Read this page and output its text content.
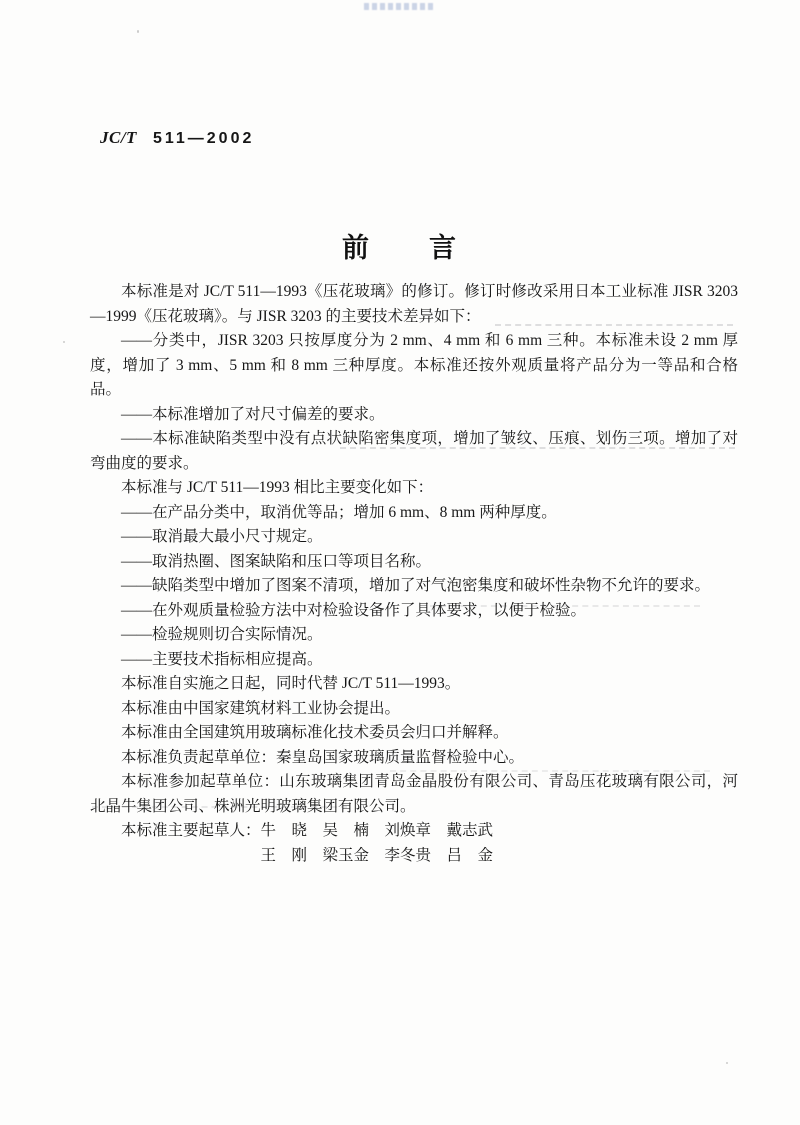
JC/T 511—2002
前　　言

本标准是对 JC/T 511—1993《压花玻璃》的修订。修订时修改采用日本工业标准 JISR 3203—1999《压花玻璃》。与 JISR 3203 的主要技术差异如下：

——分类中，JISR 3203 只按厚度分为 2 mm、4 mm 和 6 mm 三种。本标准未设 2 mm 厚度，增加了 3 mm、5 mm 和 8 mm 三种厚度。本标准还按外观质量将产品分为一等品和合格品。

——本标准增加了对尺寸偏差的要求。

——本标准缺陷类型中没有点状缺陷密集度项，增加了皱纹、压痕、划伤三项。增加了对弯曲度的要求。

本标准与 JC/T 511—1993 相比主要变化如下：

——在产品分类中，取消优等品；增加 6 mm、8 mm 两种厚度。

——取消最大最小尺寸规定。

——取消热圈、图案缺陷和压口等项目名称。

——缺陷类型中增加了图案不清项，增加了对气泡密集度和破坏性杂物不允许的要求。

——在外观质量检验方法中对检验设备作了具体要求，以便于检验。

——检验规则切合实际情况。

——主要技术指标相应提高。

本标准自实施之日起，同时代替 JC/T 511—1993。

本标准由中国家建筑材料工业协会提出。

本标准由全国建筑用玻璃标准化技术委员会归口并解释。

本标准负责起草单位：秦皇岛国家玻璃质量监督检验中心。

本标准参加起草单位：山东玻璃集团青岛金晶股份有限公司、青岛压花玻璃有限公司，河北晶牛集团公司、株洲光明玻璃集团有限公司。

本标准主要起草人： 牛　晓　吴　楠　刘焕章　戴志武
王　刚　梁玉金　李冬贵　吕　金
